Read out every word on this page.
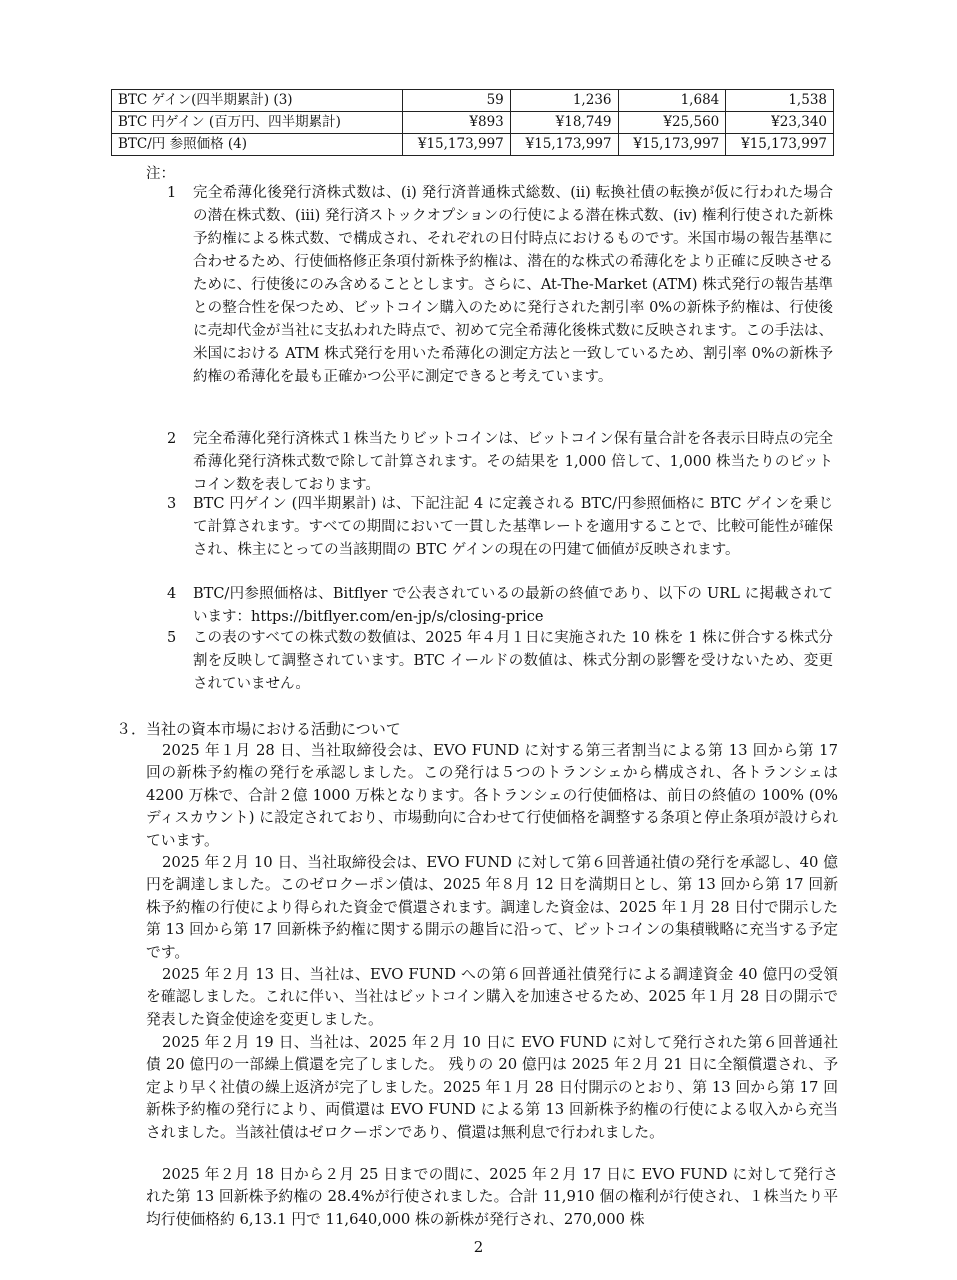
BTC ゲイン(四半期累計) (3)	59	1,236	1,684	1,538
BTC 円ゲイン (百万円、四半期累計)	¥893	¥18,749	¥25,560	¥23,340
BTC/円 参照価格 (4)	¥15,173,997	¥15,173,997	¥15,173,997	¥15,173,997
注：
1	完全希薄化後発行済株式数は、(i) 発行済普通株式総数、(ii) 転換社債の転換が仮に行われた場合の潜在株式数、(iii) 発行済ストックオプションの行使による潜在株式数、(iv) 権利行使された新株予約権による株式数、で構成され、それぞれの日付時点におけるものです。米国市場の報告基準に合わせるため、行使価格修正条項付新株予約権は、潜在的な株式の希薄化をより正確に反映させるために、行使後にのみ含めることとします。さらに、At-The-Market (ATM) 株式発行の報告基準との整合性を保つため、ビットコイン購入のために発行された割引率 0%の新株予約権は、行使後に売却代金が当社に支払われた時点で、初めて完全希薄化後株式数に反映されます。この手法は、米国における ATM 株式発行を用いた希薄化の測定方法と一致しているため、割引率 0%の新株予約権の希薄化を最も正確かつ公平に測定できると考えています。
2	完全希薄化発行済株式１株当たりビットコインは、ビットコイン保有量合計を各表示日時点の完全希薄化発行済株式数で除して計算されます。その結果を 1,000 倍して、1,000 株当たりのビットコイン数を表しております。
3	BTC 円ゲイン (四半期累計) は、下記注記 4 に定義される BTC/円参照価格に BTC ゲインを乗じて計算されます。すべての期間において一貫した基準レートを適用することで、比較可能性が確保され、株主にとっての当該期間の BTC ゲインの現在の円建て価値が反映されます。
4	BTC/円参照価格は、Bitflyer で公表されているの最新の終値であり、以下の URL に掲載されています：https://bitflyer.com/en-jp/s/closing-price
5	この表のすべての株式数の数値は、2025 年４月１日に実施された 10 株を 1 株に併合する株式分割を反映して調整されています。BTC イールドの数値は、株式分割の影響を受けないため、変更されていません。
３．当社の資本市場における活動について
2025 年１月 28 日、当社取締役会は、EVO FUND に対する第三者割当による第 13 回から第 17 回の新株予約権の発行を承認しました。この発行は５つのトランシェから構成され、各トランシェは 4200 万株で、合計２億 1000 万株となります。各トランシェの行使価格は、前日の終値の 100% (0%ディスカウント) に設定されており、市場動向に合わせて行使価格を調整する条項と停止条項が設けられています。
2025 年２月 10 日、当社取締役会は、EVO FUND に対して第６回普通社債の発行を承認し、40 億円を調達しました。このゼロクーポン債は、2025 年８月 12 日を満期日とし、第 13 回から第 17 回新株予約権の行使により得られた資金で償還されます。調達した資金は、2025 年１月 28 日付で開示した第 13 回から第 17 回新株予約権に関する開示の趣旨に沿って、ビットコインの集積戦略に充当する予定です。
2025 年２月 13 日、当社は、EVO FUND への第６回普通社債発行による調達資金 40 億円の受領を確認しました。これに伴い、当社はビットコイン購入を加速させるため、2025 年１月 28 日の開示で発表した資金使途を変更しました。
2025 年２月 19 日、当社は、2025 年２月 10 日に EVO FUND に対して発行された第６回普通社債 20 億円の一部繰上償還を完了しました。 残りの 20 億円は 2025 年２月 21 日に全額償還され、予定より早く社債の繰上返済が完了しました。2025 年１月 28 日付開示のとおり、第 13 回から第 17 回新株予約権の発行により、両償還は EVO FUND による第 13 回新株予約権の行使による収入から充当されました。当該社債はゼロクーポンであり、償還は無利息で行われました。
2025 年２月 18 日から２月 25 日までの間に、2025 年２月 17 日に EVO FUND に対して発行された第 13 回新株予約権の 28.4%が行使されました。合計 11,910 個の権利が行使され、１株当たり平均行使価格約 6,13.1 円で 11,640,000 株の新株が発行され、270,000 株
2
